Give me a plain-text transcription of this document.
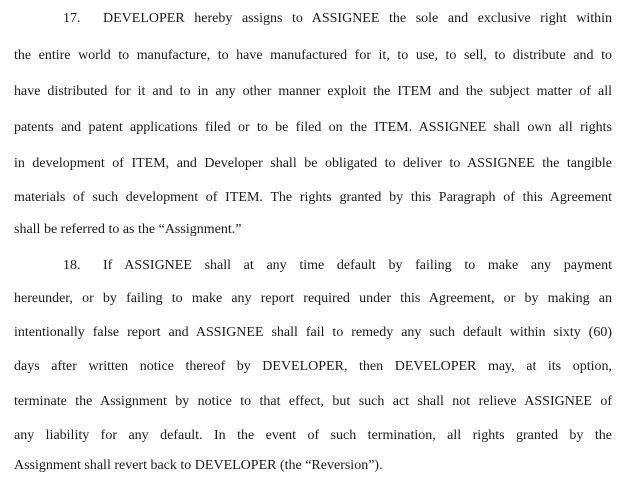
17. DEVELOPER hereby assigns to ASSIGNEE the sole and exclusive right within
the entire world to manufacture, to have manufactured for it, to use, to sell, to distribute and to
have distributed for it and to in any other manner exploit the ITEM and the subject matter of all
patents and patent applications filed or to be filed on the ITEM. ASSIGNEE shall own all rights
in development of ITEM, and Developer shall be obligated to deliver to ASSIGNEE the tangible
materials of such development of ITEM. The rights granted by this Paragraph of this Agreement
shall be referred to as the “Assignment.”
18. If ASSIGNEE shall at any time default by failing to make any payment
hereunder, or by failing to make any report required under this Agreement, or by making an
intentionally false report and ASSIGNEE shall fail to remedy any such default within sixty (60)
days after written notice thereof by DEVELOPER, then DEVELOPER may, at its option,
terminate the Assignment by notice to that effect, but such act shall not relieve ASSIGNEE of
any liability for any default. In the event of such termination, all rights granted by the
Assignment shall revert back to DEVELOPER (the “Reversion”).
